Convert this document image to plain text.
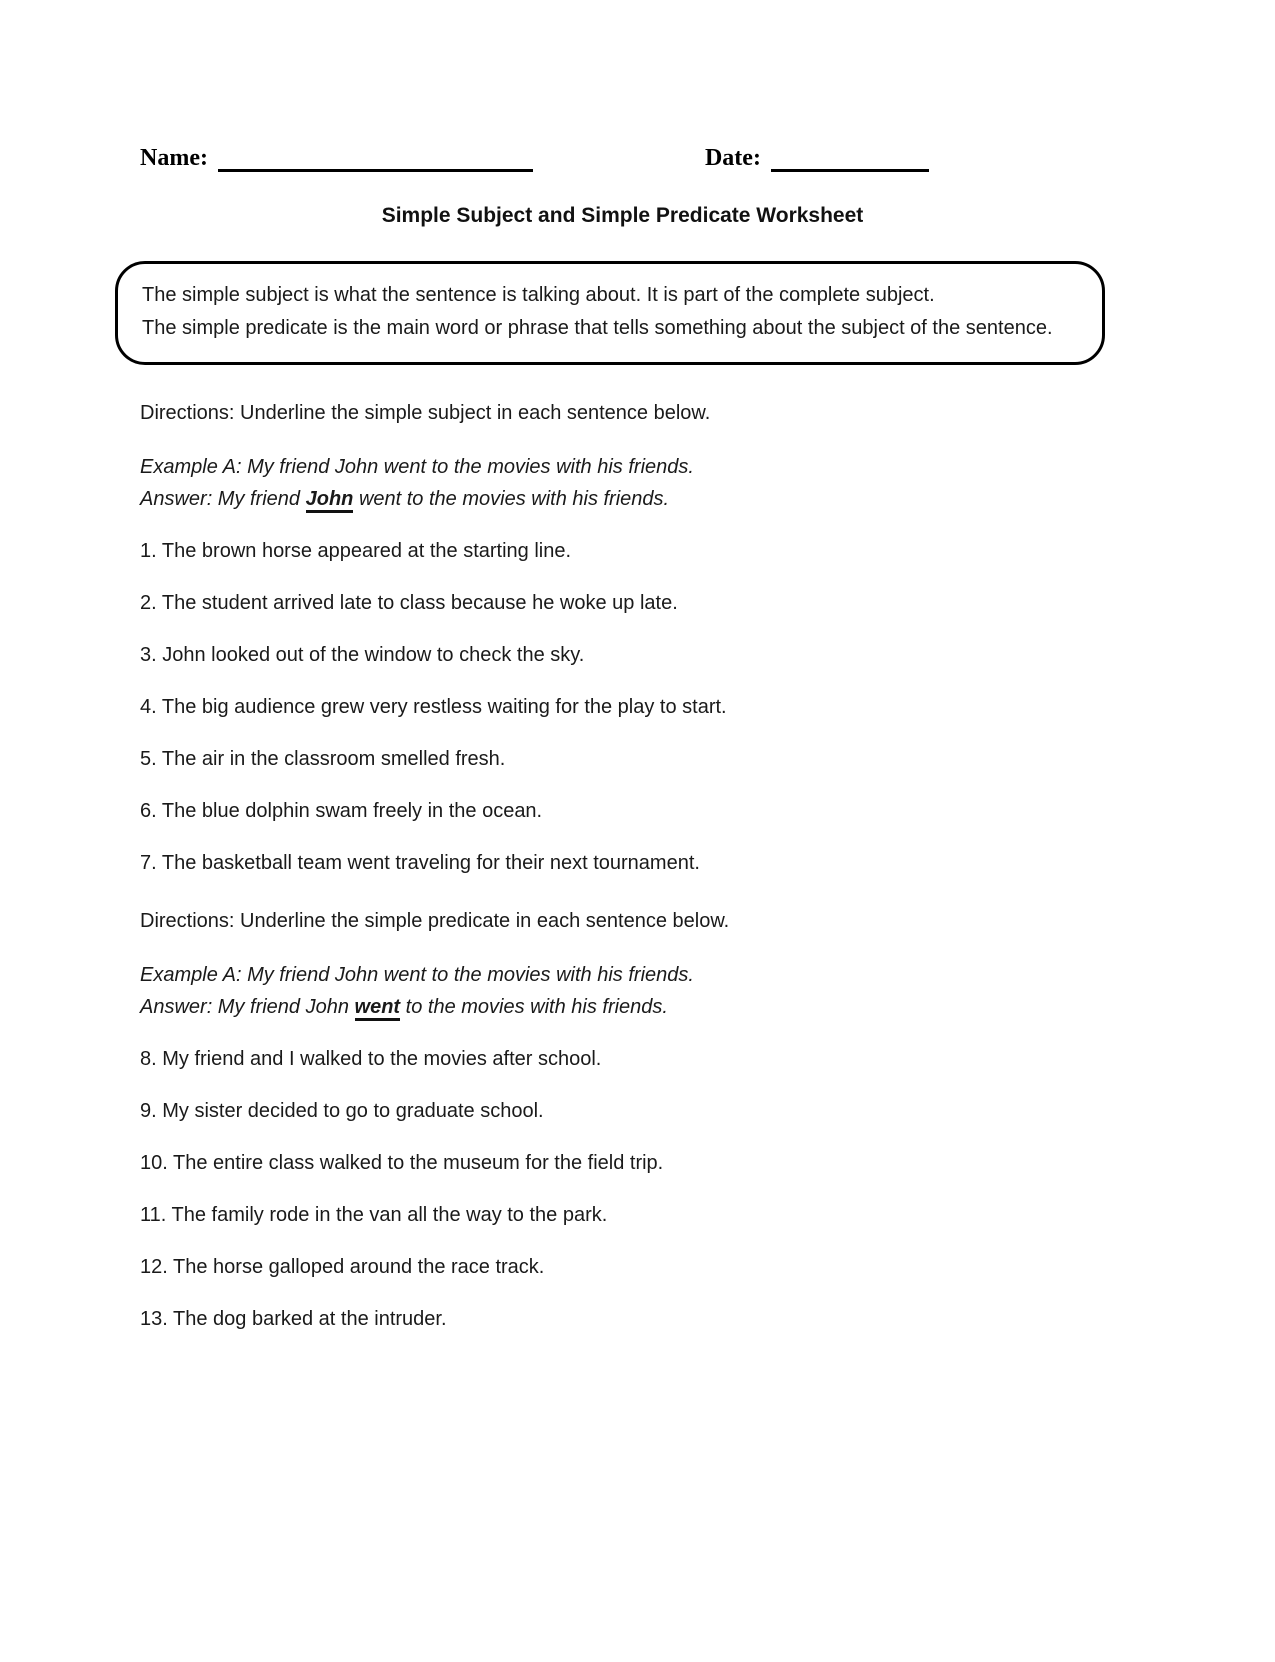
Name:	Date:
Simple Subject and Simple Predicate Worksheet
The simple subject is what the sentence is talking about. It is part of the complete subject.
The simple predicate is the main word or phrase that tells something about the subject of the sentence.
Directions: Underline the simple subject in each sentence below.
Example A: My friend John went to the movies with his friends.
Answer: My friend John went to the movies with his friends.
1. The brown horse appeared at the starting line.
2. The student arrived late to class because he woke up late.
3. John looked out of the window to check the sky.
4. The big audience grew very restless waiting for the play to start.
5. The air in the classroom smelled fresh.
6. The blue dolphin swam freely in the ocean.
7. The basketball team went traveling for their next tournament.
Directions: Underline the simple predicate in each sentence below.
Example A: My friend John went to the movies with his friends.
Answer: My friend John went to the movies with his friends.
8. My friend and I walked to the movies after school.
9. My sister decided to go to graduate school.
10. The entire class walked to the museum for the field trip.
11. The family rode in the van all the way to the park.
12. The horse galloped around the race track.
13. The dog barked at the intruder.
